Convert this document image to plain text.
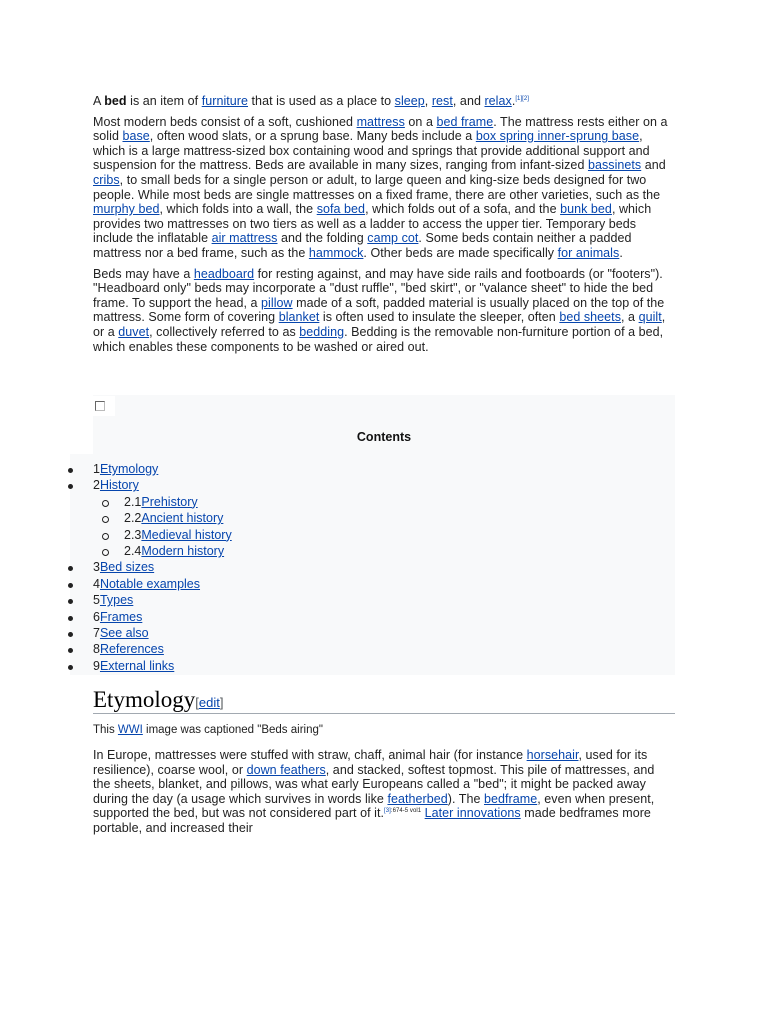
A bed is an item of furniture that is used as a place to sleep, rest, and relax.[1][2]

Most modern beds consist of a soft, cushioned mattress on a bed frame. The mattress rests either on a solid base, often wood slats, or a sprung base. Many beds include a box spring inner-sprung base, which is a large mattress-sized box containing wood and springs that provide additional support and suspension for the mattress. Beds are available in many sizes, ranging from infant-sized bassinets and cribs, to small beds for a single person or adult, to large queen and king-size beds designed for two people. While most beds are single mattresses on a fixed frame, there are other varieties, such as the murphy bed, which folds into a wall, the sofa bed, which folds out of a sofa, and the bunk bed, which provides two mattresses on two tiers as well as a ladder to access the upper tier. Temporary beds include the inflatable air mattress and the folding camp cot. Some beds contain neither a padded mattress nor a bed frame, such as the hammock. Other beds are made specifically for animals.

Beds may have a headboard for resting against, and may have side rails and footboards (or "footers"). "Headboard only" beds may incorporate a "dust ruffle", "bed skirt", or "valance sheet" to hide the bed frame. To support the head, a pillow made of a soft, padded material is usually placed on the top of the mattress. Some form of covering blanket is often used to insulate the sleeper, often bed sheets, a quilt, or a duvet, collectively referred to as bedding. Bedding is the removable non-furniture portion of a bed, which enables these components to be washed or aired out.

Contents
1Etymology
2History
2.1Prehistory
2.2Ancient history
2.3Medieval history
2.4Modern history
3Bed sizes
4Notable examples
5Types
6Frames
7See also
8References
9External links
Etymology[edit]
This WWI image was captioned "Beds airing"

In Europe, mattresses were stuffed with straw, chaff, animal hair (for instance horsehair, used for its resilience), coarse wool, or down feathers, and stacked, softest topmost. This pile of mattresses, and the sheets, blanket, and pillows, was what early Europeans called a "bed"; it might be packed away during the day (a usage which survives in words like featherbed). The bedframe, even when present, supported the bed, but was not considered part of it.$^{[3]:674-5 vol1}$ Later innovations made bedframes more portable, and increased their
